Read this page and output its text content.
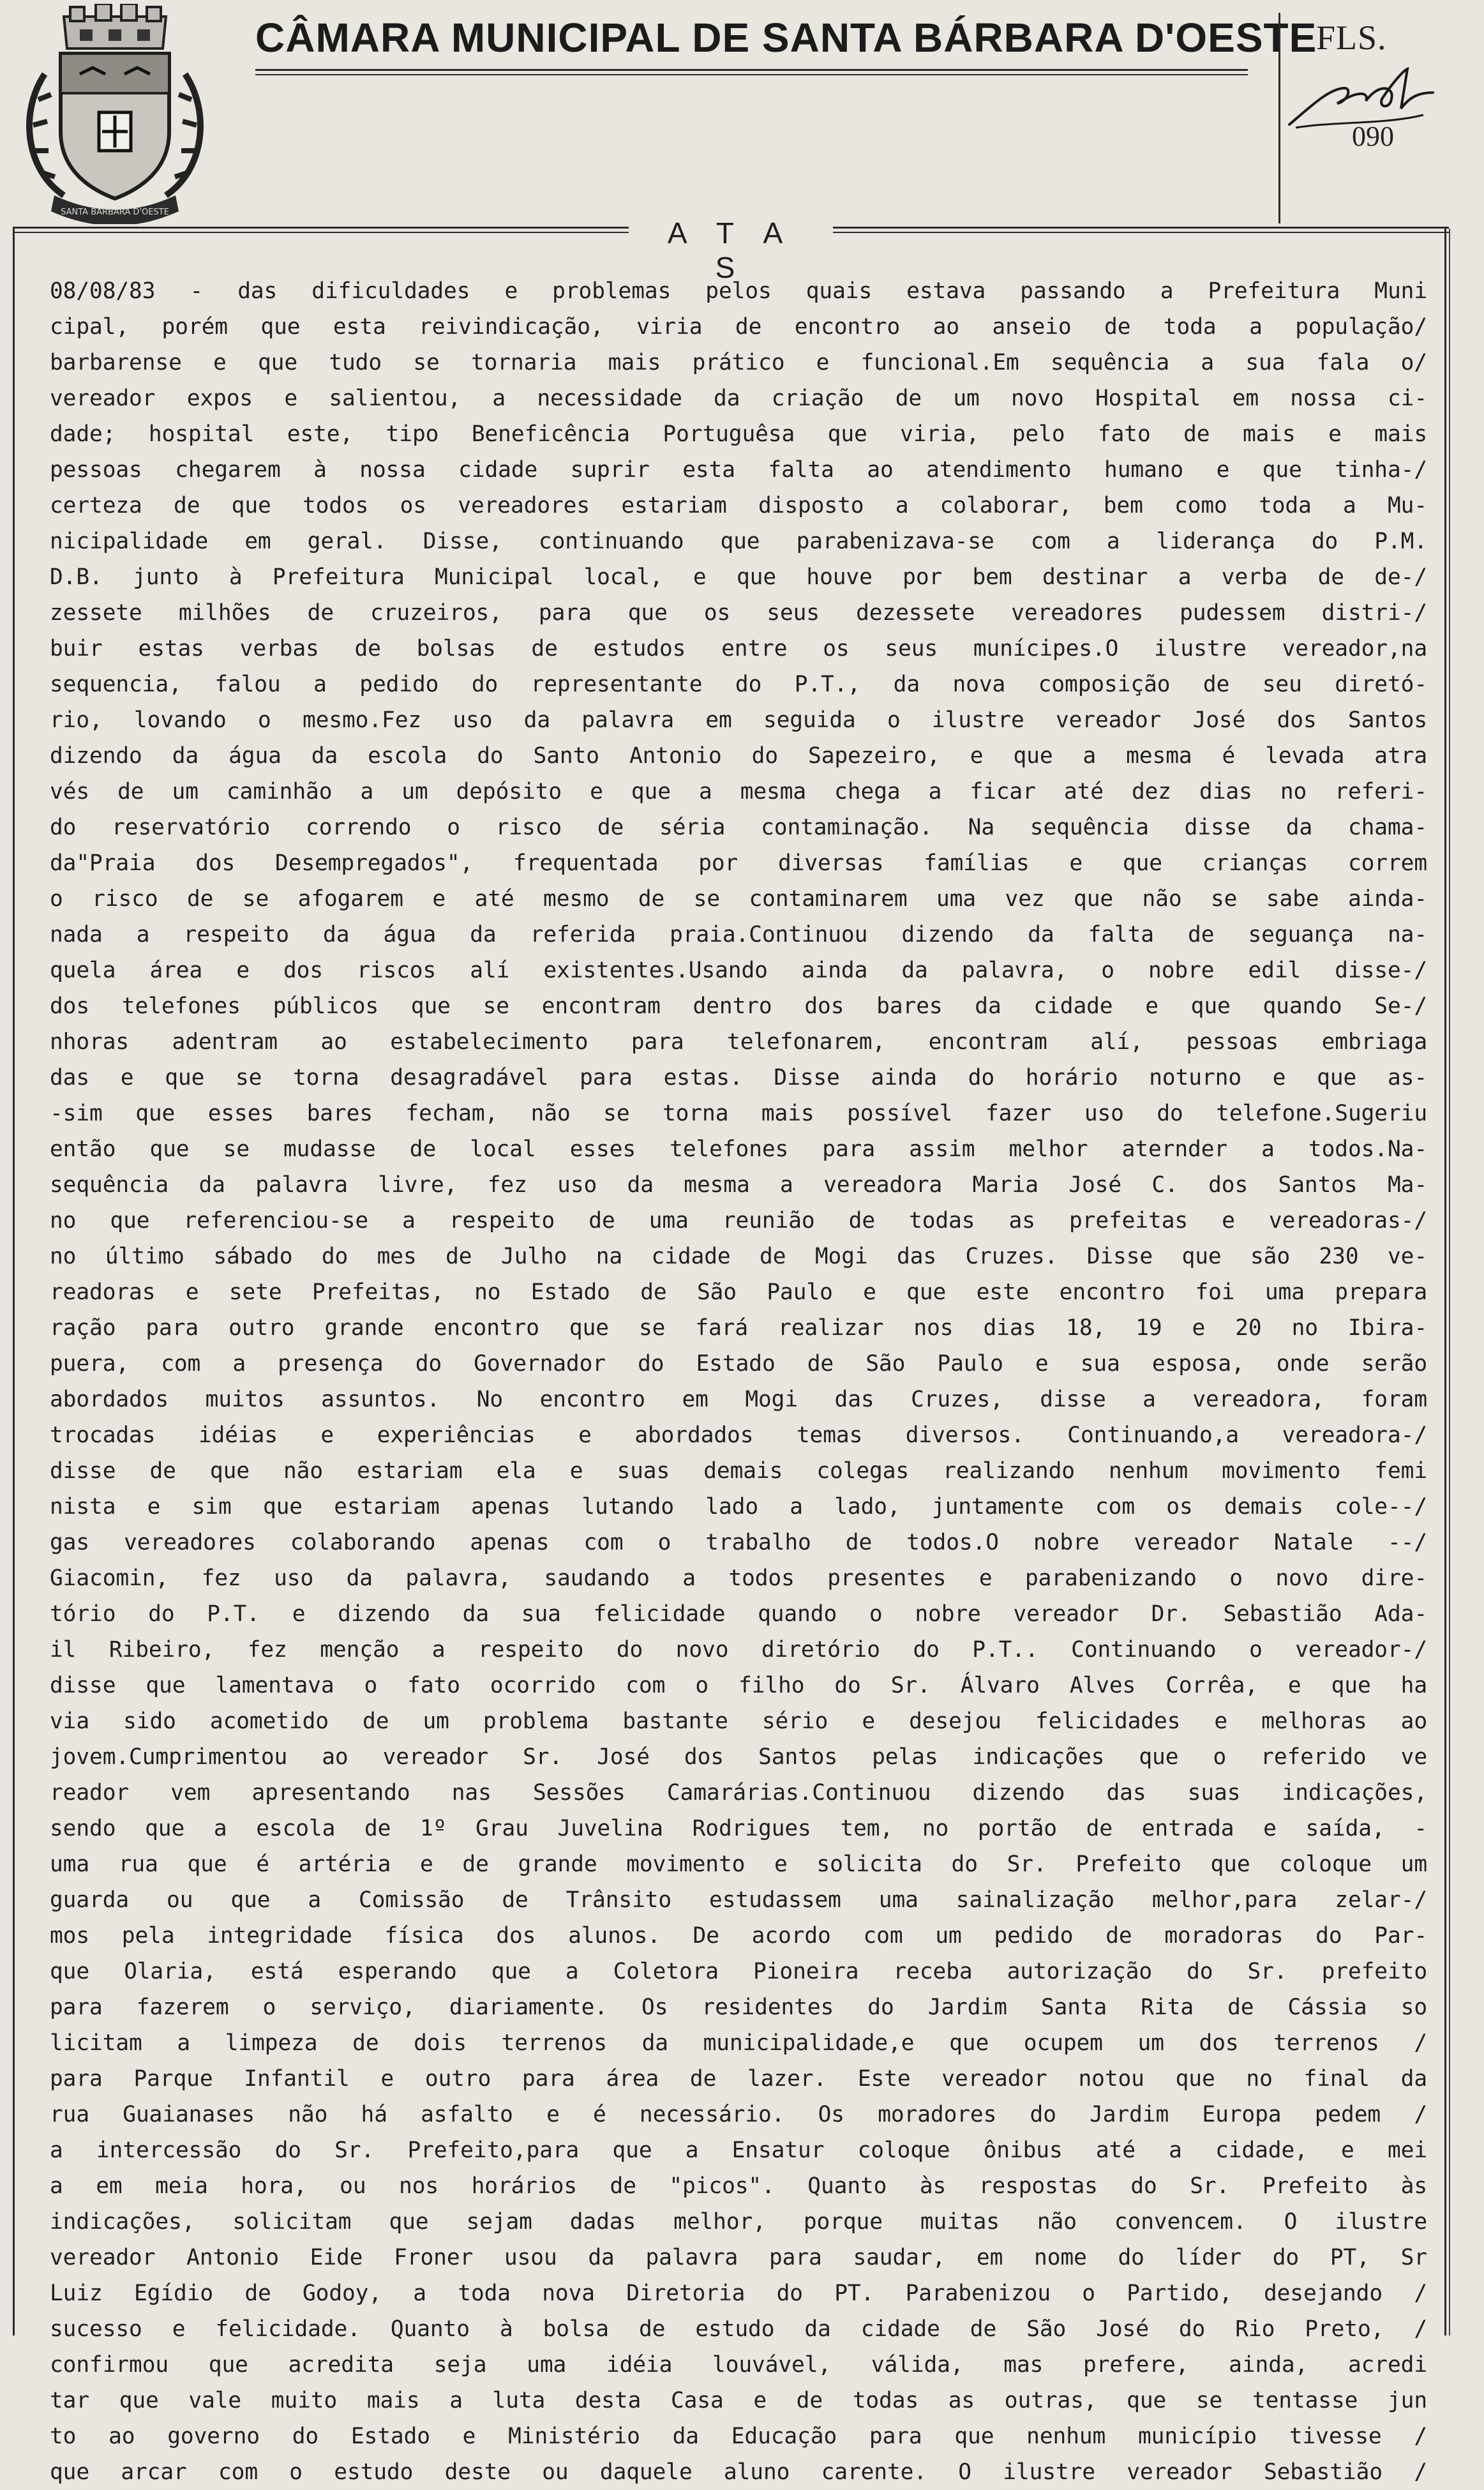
SANTA BARBARA D'OESTE
CÂMARA MUNICIPAL DE SANTA BÁRBARA D'OESTE
FLS.
090
A T A S
08/08/83 - das dificuldades e problemas pelos quais estava passando a Prefeitura Muni
cipal, porém que esta reivindicação, viria de encontro ao anseio de toda a população/
barbarense e que tudo se tornaria mais prático e funcional.Em sequência a sua fala o/
vereador expos e salientou, a necessidade da criação de um novo Hospital em nossa ci-
dade; hospital este, tipo Beneficência Portuguêsa que viria, pelo fato de mais e mais
pessoas chegarem à nossa cidade suprir esta falta ao atendimento humano e que tinha-/
certeza de que todos os vereadores estariam disposto a colaborar, bem como toda a Mu-
nicipalidade em geral. Disse, continuando que parabenizava-se com a liderança do P.M.
D.B. junto à Prefeitura Municipal local, e que houve por bem destinar a verba de de-/
zessete milhões de cruzeiros, para que os seus dezessete vereadores pudessem distri-/
buir estas verbas de bolsas de estudos entre os seus munícipes.O ilustre vereador,na
sequencia, falou a pedido do representante do P.T., da nova composição de seu diretó-
rio, lovando o mesmo.Fez uso da palavra em seguida o ilustre vereador José dos Santos
dizendo da água da escola do Santo Antonio do Sapezeiro, e que a mesma é levada atra
vés de um caminhão a um depósito e que a mesma chega a ficar até dez dias no referi-
do reservatório correndo o risco de séria contaminação. Na sequência disse da chama-
da"Praia dos Desempregados", frequentada por diversas famílias e que crianças correm
o risco de se afogarem e até mesmo de se contaminarem uma vez que não se sabe ainda-
nada a respeito da água da referida praia.Continuou dizendo da falta de seguança na-
quela área e dos riscos alí existentes.Usando ainda da palavra, o nobre edil disse-/
dos telefones públicos que se encontram dentro dos bares da cidade e que quando Se-/
nhoras adentram ao estabelecimento para telefonarem, encontram alí, pessoas embriaga
das e que se torna desagradável para estas. Disse ainda do horário noturno e que as-
-sim que esses bares fecham, não se torna mais possível fazer uso do telefone.Sugeriu
então que se mudasse de local esses telefones para assim melhor aternder a todos.Na-
sequência da palavra livre, fez uso da mesma a vereadora Maria José C. dos Santos Ma-
no que referenciou-se a respeito de uma reunião de todas as prefeitas e vereadoras-/
no último sábado do mes de Julho na cidade de Mogi das Cruzes. Disse que são 230 ve-
readoras e sete Prefeitas, no Estado de São Paulo e que este encontro foi uma prepara
ração para outro grande encontro que se fará realizar nos dias 18, 19 e 20 no Ibira-
puera, com a presença do Governador do Estado de São Paulo e sua esposa, onde serão
abordados muitos assuntos. No encontro em Mogi das Cruzes, disse a vereadora, foram
trocadas idéias e experiências e abordados temas diversos. Continuando,a vereadora-/
disse de que não estariam ela e suas demais colegas realizando nenhum movimento femi
nista e sim que estariam apenas lutando lado a lado, juntamente com os demais cole--/
gas vereadores colaborando apenas com o trabalho de todos.O nobre vereador Natale --/
Giacomin, fez uso da palavra, saudando a todos presentes e parabenizando o novo dire-
tório do P.T. e dizendo da sua felicidade quando o nobre vereador Dr. Sebastião Ada-
il Ribeiro, fez menção a respeito do novo diretório do P.T.. Continuando o vereador-/
disse que lamentava o fato ocorrido com o filho do Sr. Álvaro Alves Corrêa, e que ha
via sido acometido de um problema bastante sério e desejou felicidades e melhoras ao
jovem.Cumprimentou ao vereador Sr. José dos Santos pelas indicações que o referido ve
reador vem apresentando nas Sessões Camarárias.Continuou dizendo das suas indicações,
sendo que a escola de 1º Grau Juvelina Rodrigues tem, no portão de entrada e saída, -
uma rua que é artéria e de grande movimento e solicita do Sr. Prefeito que coloque um
guarda ou que a Comissão de Trânsito estudassem uma sainalização melhor,para zelar-/
mos pela integridade física dos alunos. De acordo com um pedido de moradoras do Par-
que Olaria, está esperando que a Coletora Pioneira receba autorização do Sr. prefeito
para fazerem o serviço, diariamente. Os residentes do Jardim Santa Rita de Cássia so
licitam a limpeza de dois terrenos da municipalidade,e que ocupem um dos terrenos /
para Parque Infantil e outro para área de lazer. Este vereador notou que no final da
rua Guaianases não há asfalto e é necessário. Os moradores do Jardim Europa pedem /
a intercessão do Sr. Prefeito,para que a Ensatur coloque ônibus até a cidade, e mei
a em meia hora, ou nos horários de "picos". Quanto às respostas do Sr. Prefeito às
indicações, solicitam que sejam dadas melhor, porque muitas não convencem. O ilustre
vereador Antonio Eide Froner usou da palavra para saudar, em nome do líder do PT, Sr
Luiz Egídio de Godoy, a toda nova Diretoria do PT. Parabenizou o Partido, desejando /
sucesso e felicidade. Quanto à bolsa de estudo da cidade de São José do Rio Preto, /
confirmou que acredita seja uma idéia louvável, válida, mas prefere, ainda, acredi
tar que vale muito mais a luta desta Casa e de todas as outras, que se tentasse jun
to ao governo do Estado e Ministério da Educação para que nenhum município tivesse /
que arcar com o estudo deste ou daquele aluno carente. O ilustre vereador Sebastião /
